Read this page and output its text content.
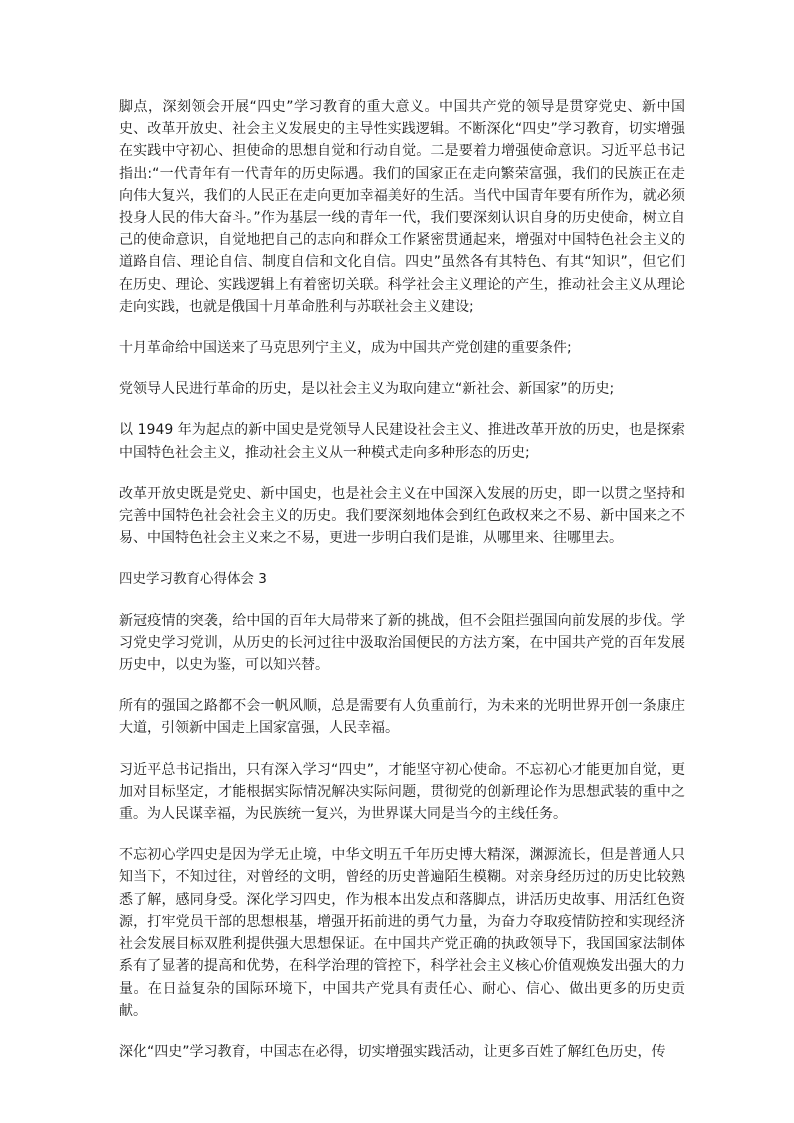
脚点，深刻领会开展“四史”学习教育的重大意义。中国共产党的领导是贯穿党史、新中国史、改革开放史、社会主义发展史的主导性实践逻辑。不断深化“四史”学习教育，切实增强在实践中守初心、担使命的思想自觉和行动自觉。二是要着力增强使命意识。习近平总书记指出:“一代青年有一代青年的历史际遇。我们的国家正在走向繁荣富强，我们的民族正在走向伟大复兴，我们的人民正在走向更加幸福美好的生活。当代中国青年要有所作为，就必须投身人民的伟大奋斗。”作为基层一线的青年一代，我们要深刻认识自身的历史使命，树立自己的使命意识，自觉地把自己的志向和群众工作紧密贯通起来，增强对中国特色社会主义的道路自信、理论自信、制度自信和文化自信。四史”虽然各有其特色、有其“知识”，但它们在历史、理论、实践逻辑上有着密切关联。科学社会主义理论的产生，推动社会主义从理论走向实践，也就是俄国十月革命胜利与苏联社会主义建设;

十月革命给中国送来了马克思列宁主义，成为中国共产党创建的重要条件;

党领导人民进行革命的历史，是以社会主义为取向建立“新社会、新国家”的历史;

以 1949 年为起点的新中国史是党领导人民建设社会主义、推进改革开放的历史，也是探索中国特色社会主义，推动社会主义从一种模式走向多种形态的历史;

改革开放史既是党史、新中国史，也是社会主义在中国深入发展的历史，即一以贯之坚持和完善中国特色社会社会主义的历史。我们要深刻地体会到红色政权来之不易、新中国来之不易、中国特色社会主义来之不易，更进一步明白我们是谁，从哪里来、往哪里去。

四史学习教育心得体会 3

新冠疫情的突袭，给中国的百年大局带来了新的挑战，但不会阻拦强国向前发展的步伐。学习党史学习党训，从历史的长河过往中汲取治国便民的方法方案，在中国共产党的百年发展历史中，以史为鉴，可以知兴替。

所有的强国之路都不会一帆风顺，总是需要有人负重前行，为未来的光明世界开创一条康庄大道，引领新中国走上国家富强，人民幸福。

习近平总书记指出，只有深入学习“四史”，才能坚守初心使命。不忘初心才能更加自觉，更加对目标坚定，才能根据实际情况解决实际问题，贯彻党的创新理论作为思想武装的重中之重。为人民谋幸福，为民族统一复兴，为世界谋大同是当今的主线任务。

不忘初心学四史是因为学无止境，中华文明五千年历史博大精深，渊源流长，但是普通人只知当下，不知过往，对曾经的文明，曾经的历史普遍陌生模糊。对亲身经历过的历史比较熟悉了解，感同身受。深化学习四史，作为根本出发点和落脚点，讲活历史故事、用活红色资源，打牢党员干部的思想根基，增强开拓前进的勇气力量，为奋力夺取疫情防控和实现经济社会发展目标双胜利提供强大思想保证。在中国共产党正确的执政领导下，我国国家法制体系有了显著的提高和优势，在科学治理的管控下，科学社会主义核心价值观焕发出强大的力量。在日益复杂的国际环境下，中国共产党具有责任心、耐心、信心、做出更多的历史贡献。

深化“四史”学习教育，中国志在必得，切实增强实践活动，让更多百姓了解红色历史，传
